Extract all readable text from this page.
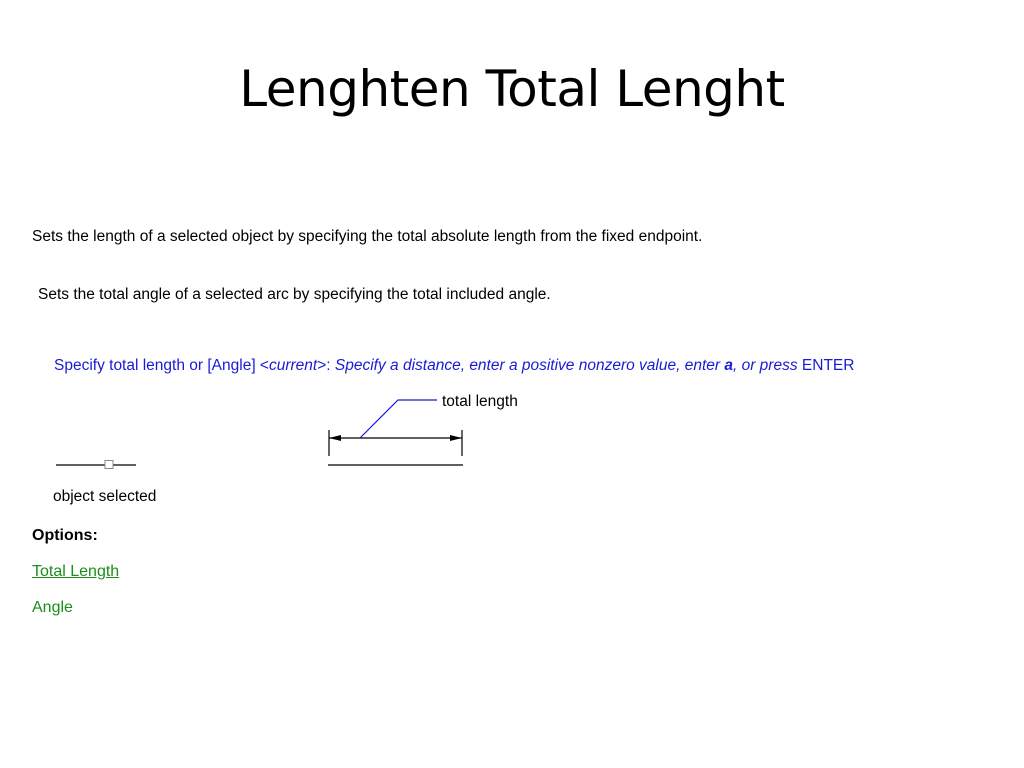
Lenghten Total Lenght
Sets the length of a selected object by specifying the total absolute length from the fixed endpoint.
Sets the total angle of a selected arc by specifying the total included angle.
Specify total length or [Angle] <current>: Specify a distance, enter a positive nonzero value, enter a, or press ENTER
total length
object selected
Options:
Total Length
Angle
